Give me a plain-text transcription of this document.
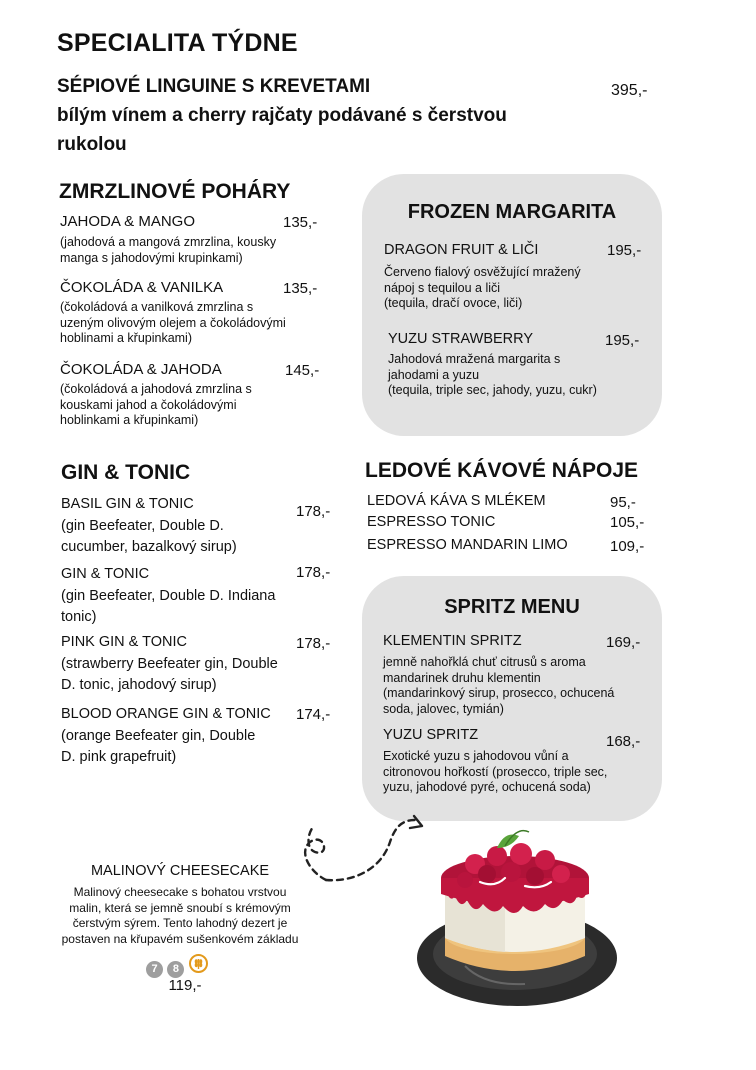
SPECIALITA TÝDNE
SÉPIOVÉ LINGUINE S KREVETAMI	395,-
bílým vínem a cherry rajčaty podávané s čerstvou
rukolou
ZMRZLINOVÉ POHÁRY
JAHODA & MANGO	135,-
(jahodová a mangová zmrzlina, kousky
manga s jahodovými krupinkami)
ČOKOLÁDA & VANILKA	135,-
(čokoládová a vanilková zmrzlina s
uzeným olivovým olejem a čokoládovými
hoblinami a křupinkami)
ČOKOLÁDA & JAHODA	145,-
(čokoládová a jahodová zmrzlina s
kouskami jahod a čokoládovými
hoblinkami a křupinkami)
FROZEN MARGARITA
DRAGON FRUIT & LIČI	195,-
Červeno fialový osvěžující mražený
nápoj s tequilou a liči
(tequila, dračí ovoce, liči)
YUZU STRAWBERRY	195,-
Jahodová mražená margarita s
jahodami a yuzu
(tequila, triple sec, jahody, yuzu, cukr)
GIN & TONIC
BASIL GIN & TONIC	178,-
(gin Beefeater, Double D.
cucumber, bazalkový sirup)
GIN & TONIC	178,-
(gin Beefeater, Double D. Indiana
tonic)
PINK GIN & TONIC	178,-
(strawberry Beefeater gin, Double
D. tonic, jahodový sirup)
BLOOD ORANGE GIN & TONIC 174,-
(orange Beefeater gin, Double
D. pink grapefruit)
LEDOVÉ KÁVOVÉ NÁPOJE
LEDOVÁ KÁVA S MLÉKEM	95,-
ESPRESSO TONIC	105,-
ESPRESSO MANDARIN LIMO	109,-
SPRITZ MENU
KLEMENTIN SPRITZ	169,-
jemně nahořklá chuť citrusů s aroma
mandarinek druhu klementin
(mandarinkový sirup, prosecco, ochucená
soda, jalovec, tymián)
YUZU SPRITZ	168,-
Exotické yuzu s jahodovou vůní a
citronovou hořkostí (prosecco, triple sec,
yuzu, jahodové pyré, ochucená soda)
MALINOVÝ CHEESECAKE
Malinový cheesecake s bohatou vrstvou
malin, která se jemně snoubí s krémovým
čerstvým sýrem. Tento lahodný dezert je
postaven na křupavém sušenkovém základu
7 8
119,-
